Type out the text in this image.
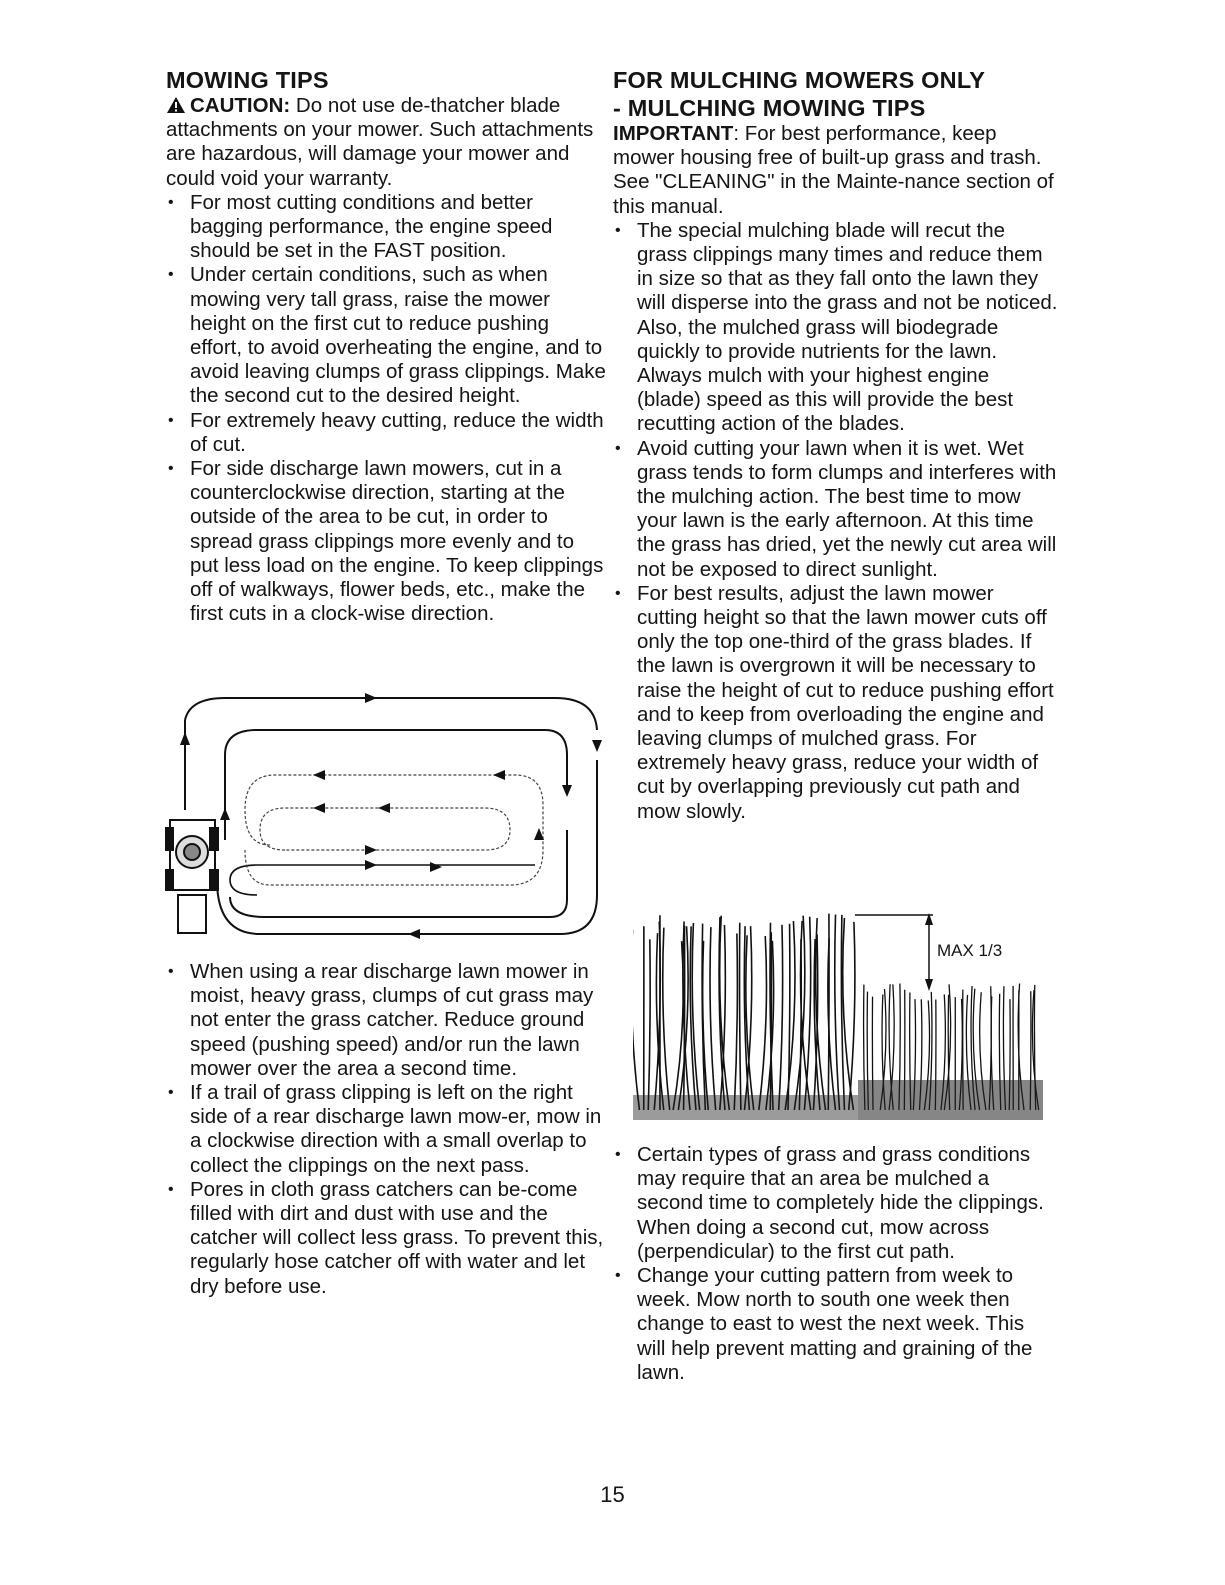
MOWING TIPS

CAUTION: Do not use de-thatcher blade attachments on your mower. Such attachments are hazardous, will damage your mower and could void your warranty.

• For most cutting conditions and better bagging performance, the engine speed should be set in the FAST position.
• Under certain conditions, such as when mowing very tall grass, raise the mower height on the first cut to reduce pushing effort, to avoid overheating the engine, and to avoid leaving clumps of grass clippings. Make the second cut to the desired height.
• For extremely heavy cutting, reduce the width of cut.
• For side discharge lawn mowers, cut in a counterclockwise direction, starting at the outside of the area to be cut, in order to spread grass clippings more evenly and to put less load on the engine. To keep clippings off of walkways, flower beds, etc., make the first cuts in a clock-wise direction.
• When using a rear discharge lawn mower in moist, heavy grass, clumps of cut grass may not enter the grass catcher. Reduce ground speed (pushing speed) and/or run the lawn mower over the area a second time.
• If a trail of grass clipping is left on the right side of a rear discharge lawn mow-er, mow in a clockwise direction with a small overlap to collect the clippings on the next pass.
• Pores in cloth grass catchers can be-come filled with dirt and dust with use and the catcher will collect less grass. To prevent this, regularly hose catcher off with water and let dry before use.
FOR MULCHING MOWERS ONLY
- MULCHING MOWING TIPS

IMPORTANT: For best performance, keep mower housing free of built-up grass and trash. See "CLEANING" in the Mainte-nance section of this manual.

• The special mulching blade will recut the grass clippings many times and reduce them in size so that as they fall onto the lawn they will disperse into the grass and not be noticed. Also, the mulched grass will biodegrade quickly to provide nutrients for the lawn. Always mulch with your highest engine (blade) speed as this will provide the best recutting action of the blades.
• Avoid cutting your lawn when it is wet. Wet grass tends to form clumps and interferes with the mulching action. The best time to mow your lawn is the early afternoon. At this time the grass has dried, yet the newly cut area will not be exposed to direct sunlight.
• For best results, adjust the lawn mower cutting height so that the lawn mower cuts off only the top one-third of the grass blades. If the lawn is overgrown it will be necessary to raise the height of cut to reduce pushing effort and to keep from overloading the engine and leaving clumps of mulched grass. For extremely heavy grass, reduce your width of cut by overlapping previously cut path and mow slowly.
MAX 1/3
• Certain types of grass and grass conditions may require that an area be mulched a second time to completely hide the clippings. When doing a second cut, mow across (perpendicular) to the first cut path.
• Change your cutting pattern from week to week. Mow north to south one week then change to east to west the next week. This will help prevent matting and graining of the lawn.
15
